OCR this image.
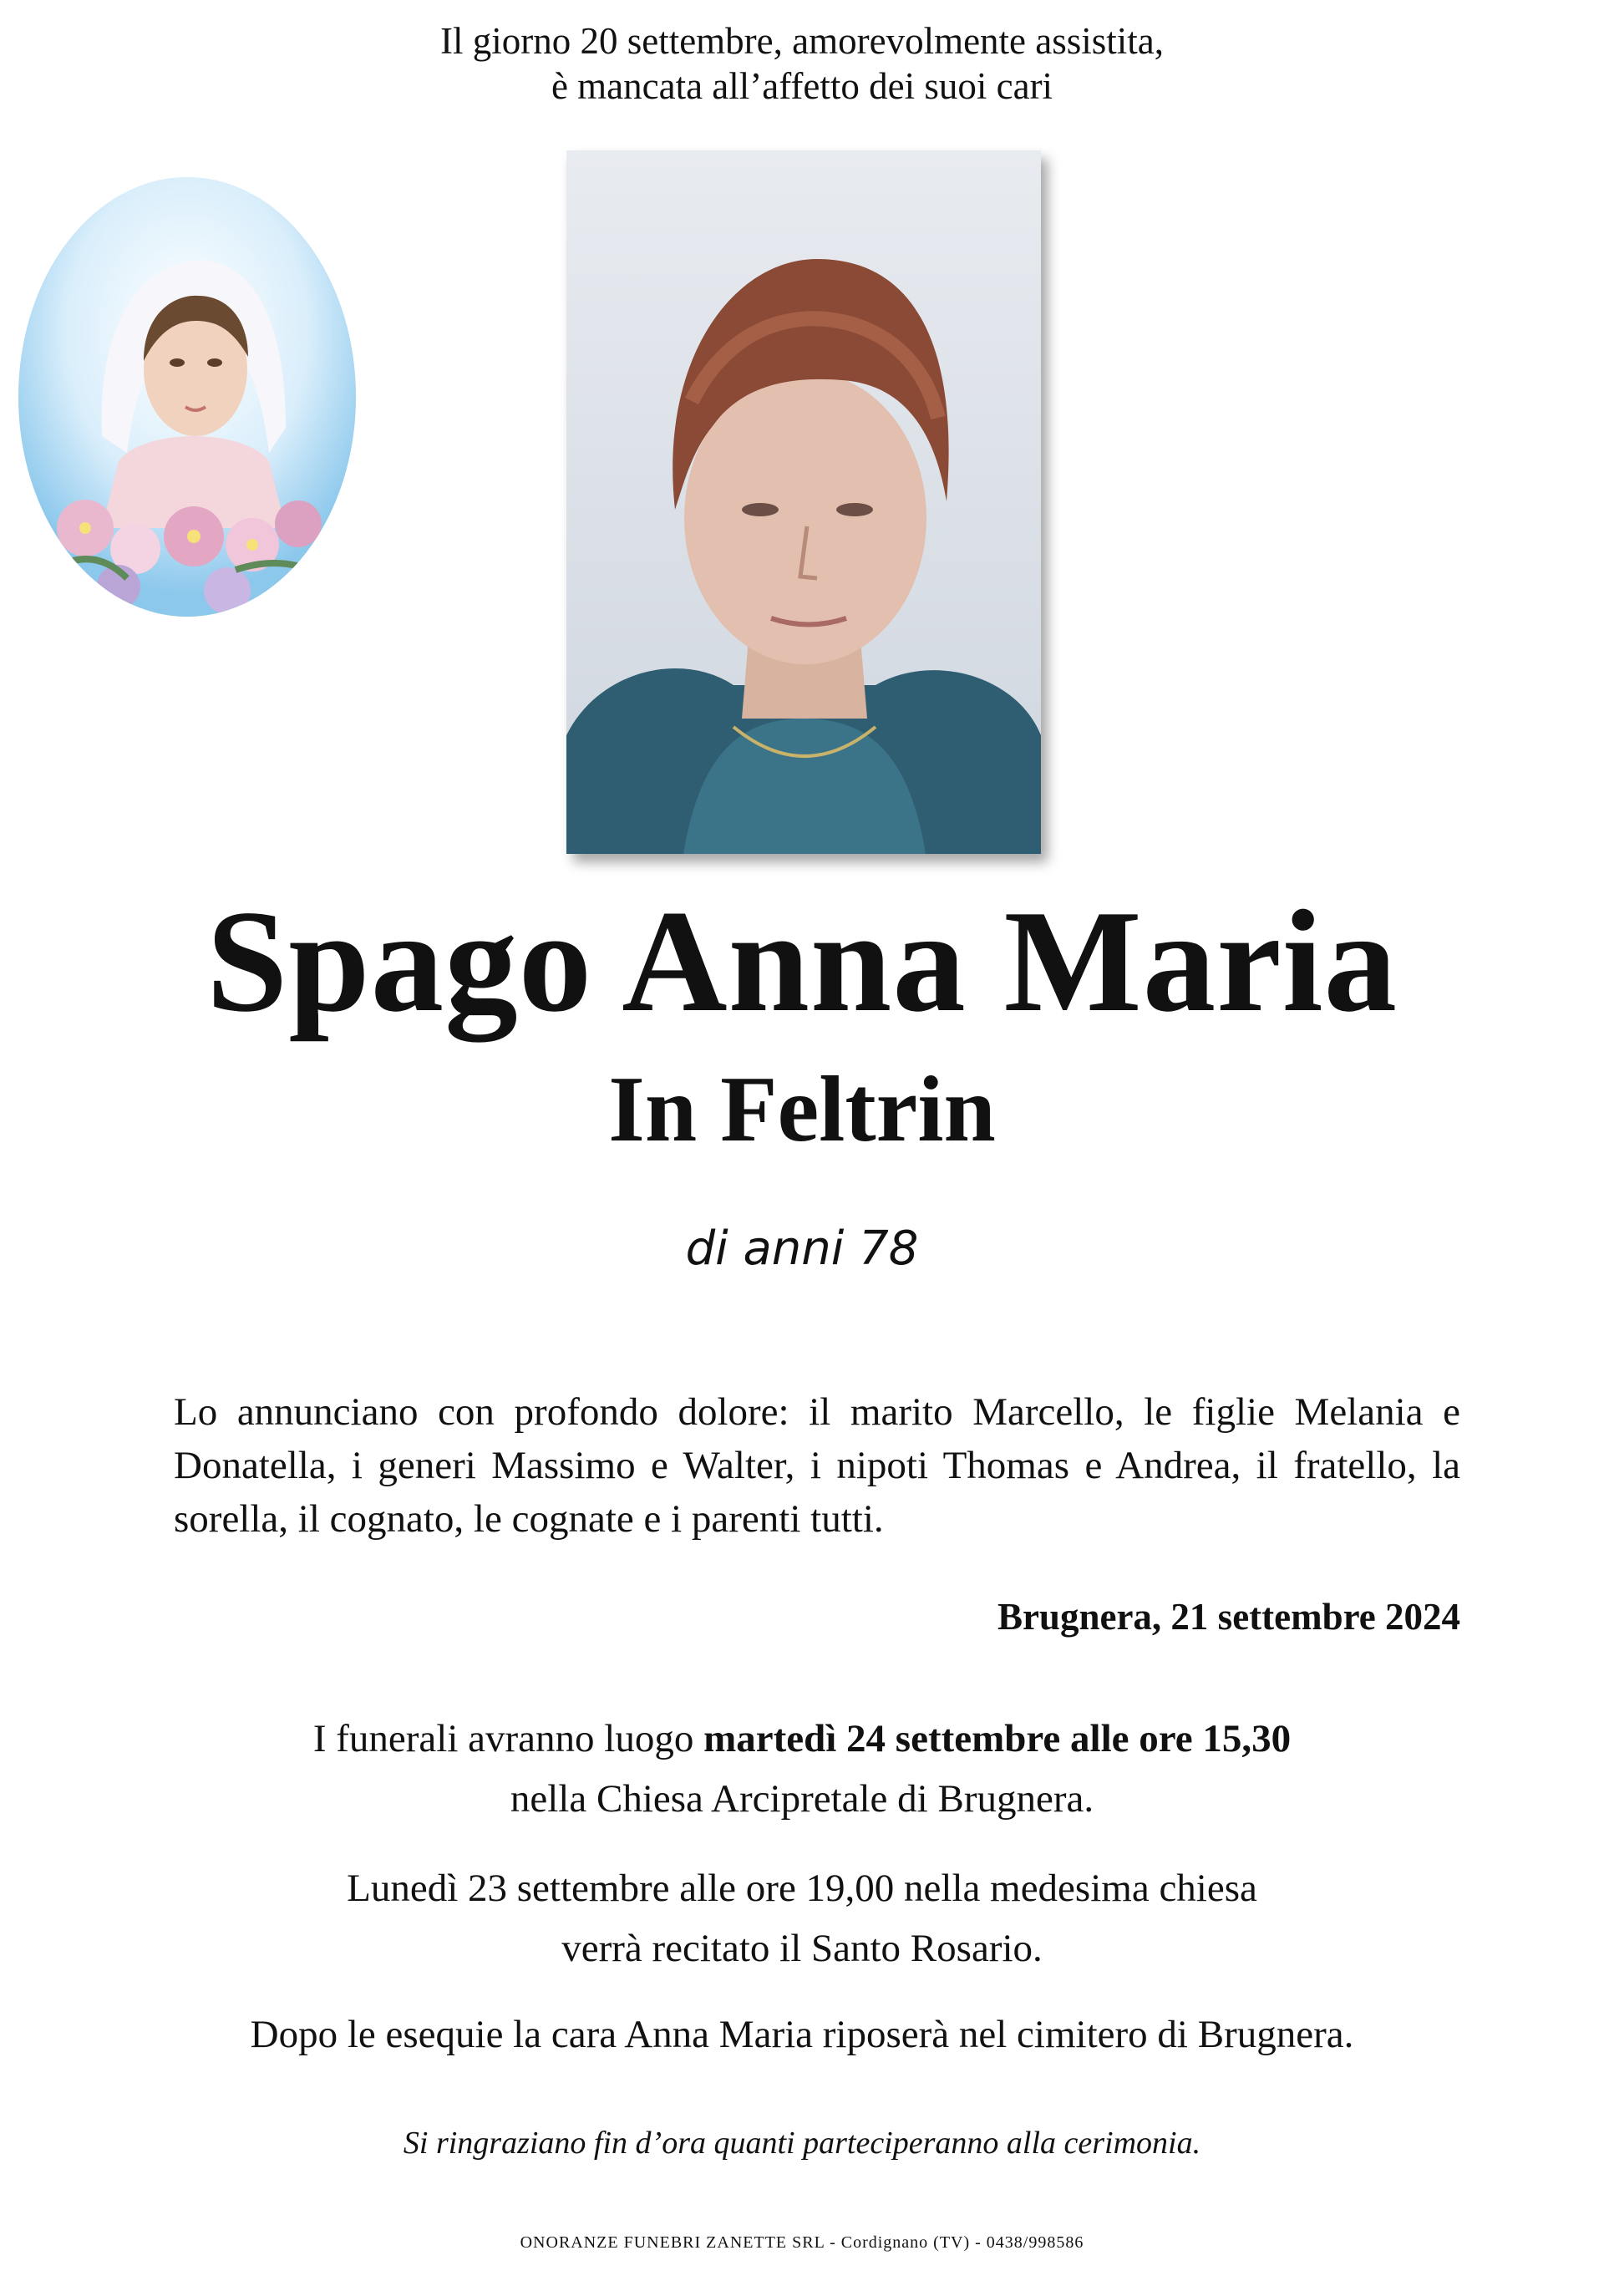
Il giorno 20 settembre, amorevolmente assistita,
è mancata all’affetto dei suoi cari
Spago Anna Maria
In Feltrin
di anni 78
Lo annunciano con profondo dolore: il marito Marcello, le figlie Melania e Donatella, i generi Massimo e Walter, i nipoti Thomas e Andrea, il fratello, la sorella, il cognato, le cognate e i parenti tutti.
Brugnera, 21 settembre 2024
I funerali avranno luogo martedì 24 settembre alle ore 15,30
nella Chiesa Arcipretale di Brugnera.
Lunedì 23 settembre alle ore 19,00 nella medesima chiesa
verrà recitato il Santo Rosario.
Dopo le esequie la cara Anna Maria riposerà nel cimitero di Brugnera.
Si ringraziano fin d’ora quanti parteciperanno alla cerimonia.
ONORANZE FUNEBRI ZANETTE SRL - Cordignano (TV) - 0438/998586
